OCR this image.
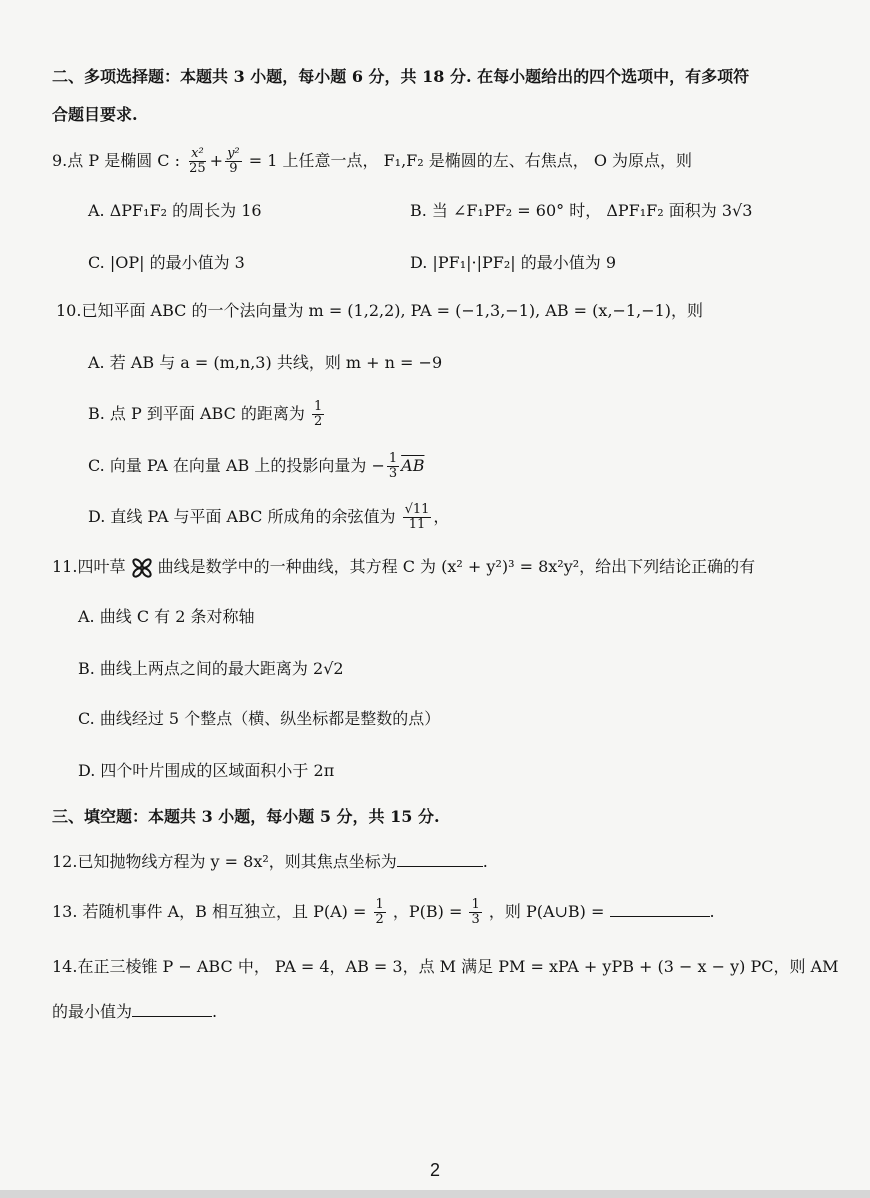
二、多项选择题：本题共 3 小题，每小题 6 分，共 18 分. 在每小题给出的四个选项中，有多项符
合题目要求.
9.点 P 是椭圆 C : $\frac{\text{x²}}{25} + \frac{\text{y²}}{9} = 1$ 上任意一点， F₁,F₂ 是椭圆的左、右焦点， O 为原点，则
A. ΔPF₁F₂ 的周长为 16	B. 当 ∠F₁PF₂ = 60° 时， ΔPF₁F₂ 面积为 3√3
C. |OP| 的最小值为 3	D. |PF₁|·|PF₂| 的最小值为 9
10.已知平面 ABC 的一个法向量为 m = (1,2,2), PA = (−1,3,−1), AB = (x,−1,−1)，则
A. 若 AB 与 a = (m,n,3) 共线，则 m + n = −9
B. 点 P 到平面 ABC 的距离为 $\frac{1}{2}$
C. 向量 PA 在向量 AB 上的投影向量为 − $\frac{1}{3} \overline{AB}$
D. 直线 PA 与平面 ABC 所成角的余弦值为 $\frac{√11}{11}$ ，
11.四叶草 曲线是数学中的一种曲线，其方程 C 为 (x² + y²)³ = 8x²y²，给出下列结论正确的有
A. 曲线 C 有 2 条对称轴
B. 曲线上两点之间的最大距离为 2√2
C. 曲线经过 5 个整点（横、纵坐标都是整数的点）
D. 四个叶片围成的区域面积小于 2π
三、填空题：本题共 3 小题，每小题 5 分，共 15 分.
12.已知抛物线方程为 y = 8x²，则其焦点坐标为	.
13. 若随机事件 A，B 相互独立，且 $P(A) = \frac{1}{2}$ ，$P(B) = \frac{1}{3}$ ，则 P(A∪B) =	.
14.在正三棱锥 P − ABC 中， PA = 4，AB = 3，点 M 满足 PM = xPA + yPB + (3 − x − y) PC，则 AM
的最小值为	.
2
